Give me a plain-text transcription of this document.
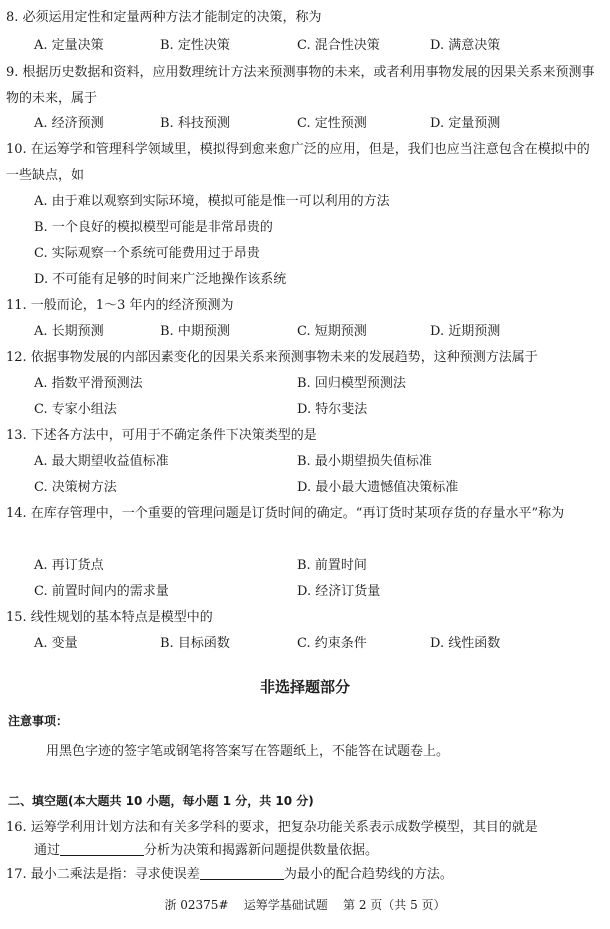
8. 必须运用定性和定量两种方法才能制定的决策，称为
A. 定量决策	B. 定性决策	C. 混合性决策	D. 满意决策
9. 根据历史数据和资料，应用数理统计方法来预测事物的未来，或者利用事物发展的因果关系来预测事物的未来，属于
A. 经济预测	B. 科技预测	C. 定性预测	D. 定量预测
10. 在运筹学和管理科学领域里，模拟得到愈来愈广泛的应用，但是，我们也应当注意包含在模拟中的一些缺点，如
A. 由于难以观察到实际环境，模拟可能是惟一可以利用的方法
B. 一个良好的模拟模型可能是非常昂贵的
C. 实际观察一个系统可能费用过于昂贵
D. 不可能有足够的时间来广泛地操作该系统
11. 一般而论，1～3 年内的经济预测为
A. 长期预测	B. 中期预测	C. 短期预测	D. 近期预测
12. 依据事物发展的内部因素变化的因果关系来预测事物未来的发展趋势，这种预测方法属于
A. 指数平滑预测法	B. 回归模型预测法
C. 专家小组法	D. 特尔斐法
13. 下述各方法中，可用于不确定条件下决策类型的是
A. 最大期望收益值标准	B. 最小期望损失值标准
C. 决策树方法	D. 最小最大遗憾值决策标准
14. 在库存管理中，一个重要的管理问题是订货时间的确定。“再订货时某项存货的存量水平”称为
A. 再订货点	B. 前置时间
C. 前置时间内的需求量	D. 经济订货量
15. 线性规划的基本特点是模型中的
A. 变量	B. 目标函数	C. 约束条件	D. 线性函数
非选择题部分
注意事项：
用黑色字迹的签字笔或钢笔将答案写在答题纸上，不能答在试题卷上。
二、填空题(本大题共 10 小题，每小题 1 分，共 10 分)
16. 运筹学利用计划方法和有关多学科的要求，把复杂功能关系表示成数学模型，其目的就是
通过	分析为决策和揭露新问题提供数量依据。
17. 最小二乘法是指：寻求使误差	为最小的配合趋势线的方法。
浙 02375#    运筹学基础试题    第 2 页（共 5 页）
